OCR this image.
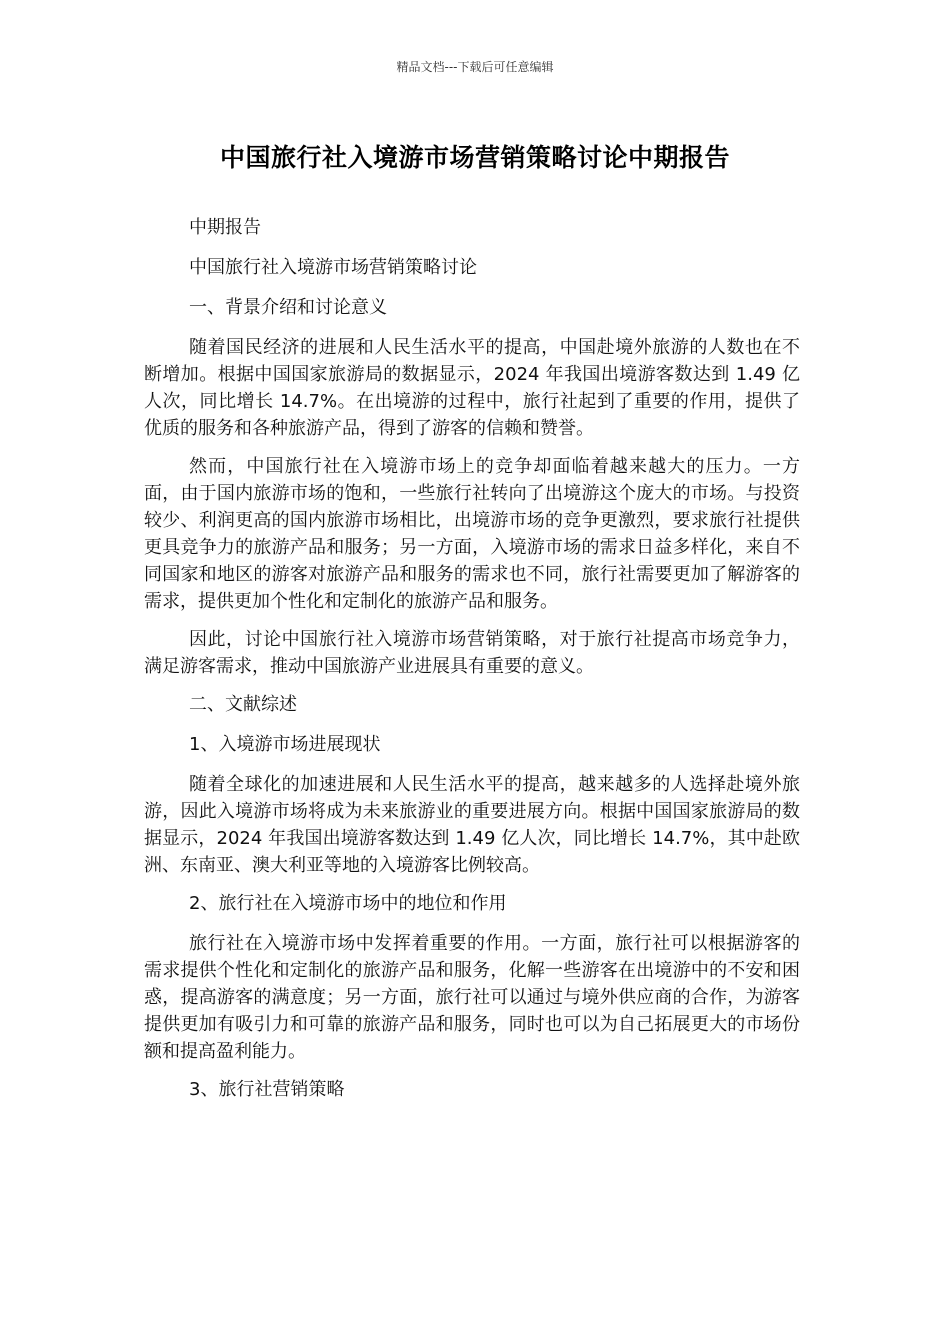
精品文档---下载后可任意编辑
中国旅行社入境游市场营销策略讨论中期报告

中期报告

中国旅行社入境游市场营销策略讨论

一、背景介绍和讨论意义

随着国民经济的进展和人民生活水平的提高，中国赴境外旅游的人数也在不断增加。根据中国国家旅游局的数据显示，2024 年我国出境游客数达到 1.49 亿人次，同比增长 14.7%。在出境游的过程中，旅行社起到了重要的作用，提供了优质的服务和各种旅游产品，得到了游客的信赖和赞誉。

然而，中国旅行社在入境游市场上的竞争却面临着越来越大的压力。一方面，由于国内旅游市场的饱和，一些旅行社转向了出境游这个庞大的市场。与投资较少、利润更高的国内旅游市场相比，出境游市场的竞争更激烈，要求旅行社提供更具竞争力的旅游产品和服务；另一方面，入境游市场的需求日益多样化，来自不同国家和地区的游客对旅游产品和服务的需求也不同，旅行社需要更加了解游客的需求，提供更加个性化和定制化的旅游产品和服务。

因此，讨论中国旅行社入境游市场营销策略，对于旅行社提高市场竞争力，满足游客需求，推动中国旅游产业进展具有重要的意义。

二、文献综述

1、入境游市场进展现状

随着全球化的加速进展和人民生活水平的提高，越来越多的人选择赴境外旅游，因此入境游市场将成为未来旅游业的重要进展方向。根据中国国家旅游局的数据显示，2024 年我国出境游客数达到 1.49 亿人次，同比增长 14.7%，其中赴欧洲、东南亚、澳大利亚等地的入境游客比例较高。

2、旅行社在入境游市场中的地位和作用

旅行社在入境游市场中发挥着重要的作用。一方面，旅行社可以根据游客的需求提供个性化和定制化的旅游产品和服务，化解一些游客在出境游中的不安和困惑，提高游客的满意度；另一方面，旅行社可以通过与境外供应商的合作，为游客提供更加有吸引力和可靠的旅游产品和服务，同时也可以为自己拓展更大的市场份额和提高盈利能力。

3、旅行社营销策略
